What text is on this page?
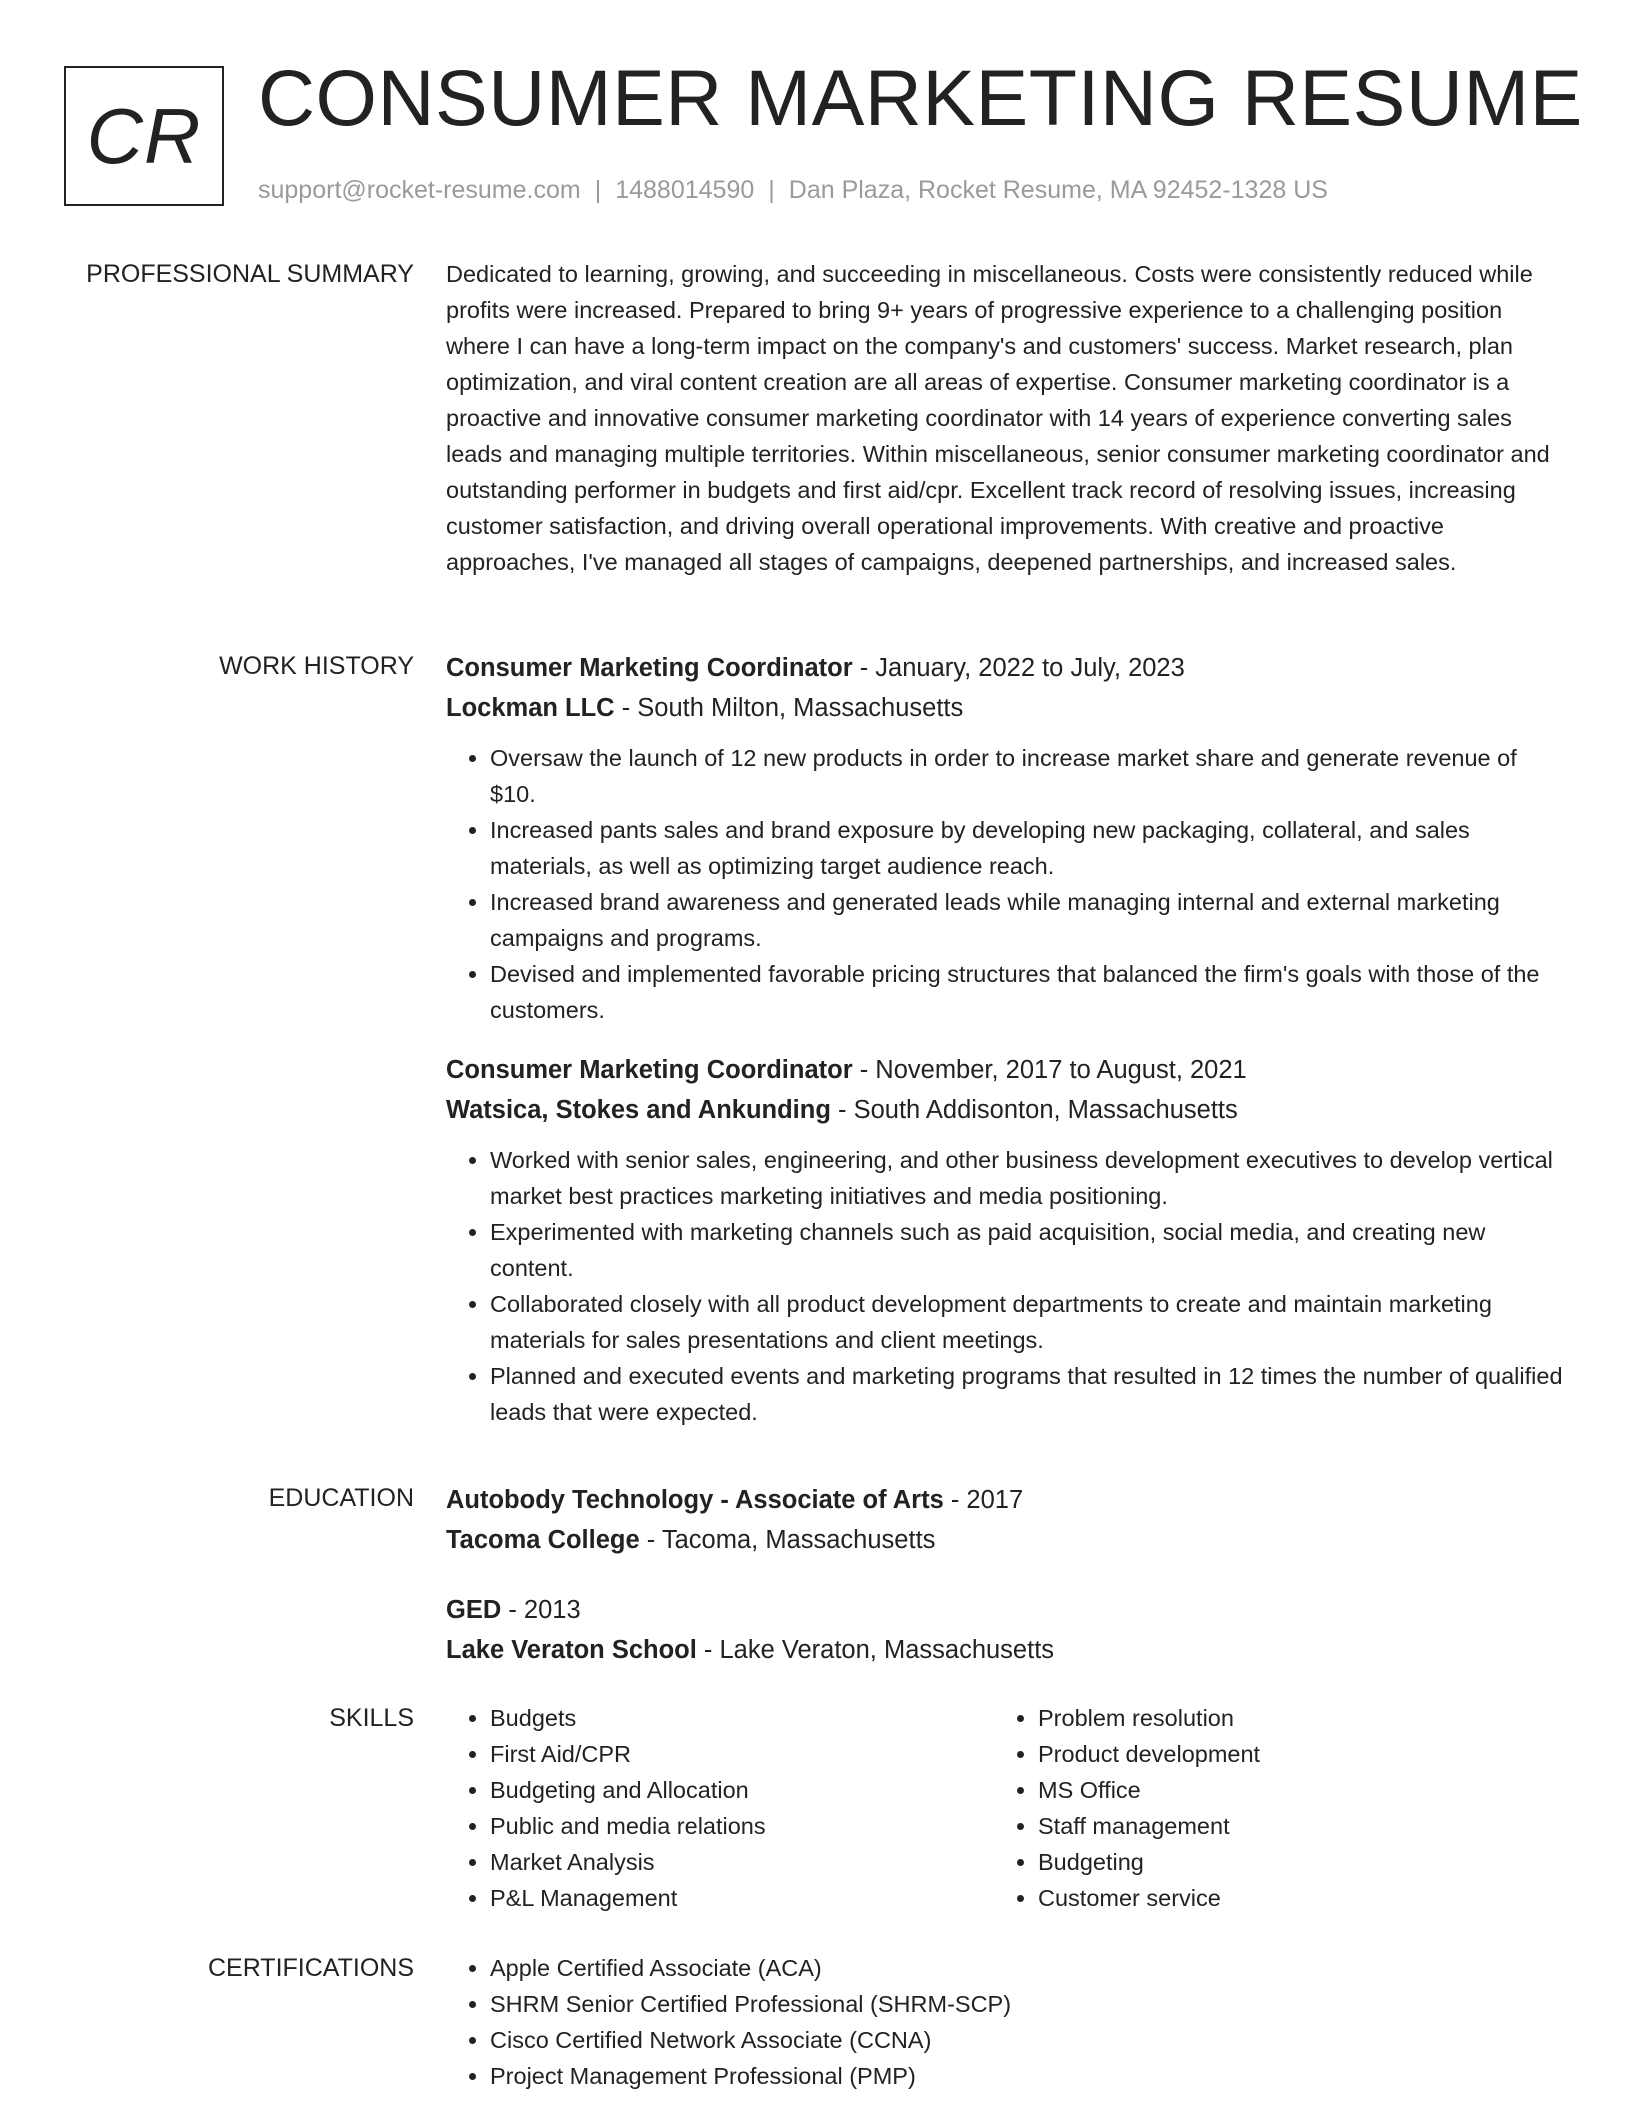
CR CONSUMER MARKETING RESUME
support@rocket-resume.com | 1488014590 | Dan Plaza, Rocket Resume, MA 92452-1328 US
PROFESSIONAL SUMMARY Dedicated to learning, growing, and succeeding in miscellaneous. Costs were consistently reduced while profits were increased. Prepared to bring 9+ years of progressive experience to a challenging position where I can have a long-term impact on the company's and customers' success. Market research, plan optimization, and viral content creation are all areas of expertise. Consumer marketing coordinator is a proactive and innovative consumer marketing coordinator with 14 years of experience converting sales leads and managing multiple territories. Within miscellaneous, senior consumer marketing coordinator and outstanding performer in budgets and first aid/cpr. Excellent track record of resolving issues, increasing customer satisfaction, and driving overall operational improvements. With creative and proactive approaches, I've managed all stages of campaigns, deepened partnerships, and increased sales.

WORK HISTORY Consumer Marketing Coordinator - January, 2022 to July, 2023
Lockman LLC - South Milton, Massachusetts
• Oversaw the launch of 12 new products in order to increase market share and generate revenue of $10.
• Increased pants sales and brand exposure by developing new packaging, collateral, and sales materials, as well as optimizing target audience reach.
• Increased brand awareness and generated leads while managing internal and external marketing campaigns and programs.
• Devised and implemented favorable pricing structures that balanced the firm's goals with those of the customers.
Consumer Marketing Coordinator - November, 2017 to August, 2021
Watsica, Stokes and Ankunding - South Addisonton, Massachusetts
• Worked with senior sales, engineering, and other business development executives to develop vertical market best practices marketing initiatives and media positioning.
• Experimented with marketing channels such as paid acquisition, social media, and creating new content.
• Collaborated closely with all product development departments to create and maintain marketing materials for sales presentations and client meetings.
• Planned and executed events and marketing programs that resulted in 12 times the number of qualified leads that were expected.
EDUCATION Autobody Technology - Associate of Arts - 2017
Tacoma College - Tacoma, Massachusetts
GED - 2013
Lake Veraton School - Lake Veraton, Massachusetts
SKILLS	• Budgets
• First Aid/CPR
• Budgeting and Allocation
• Public and media relations
• Market Analysis
• P&L Management
• Problem resolution
• Product development
• MS Office
• Staff management
• Budgeting
• Customer service
CERTIFICATIONS	• Apple Certified Associate (ACA)
• SHRM Senior Certified Professional (SHRM-SCP)
• Cisco Certified Network Associate (CCNA)
• Project Management Professional (PMP)
